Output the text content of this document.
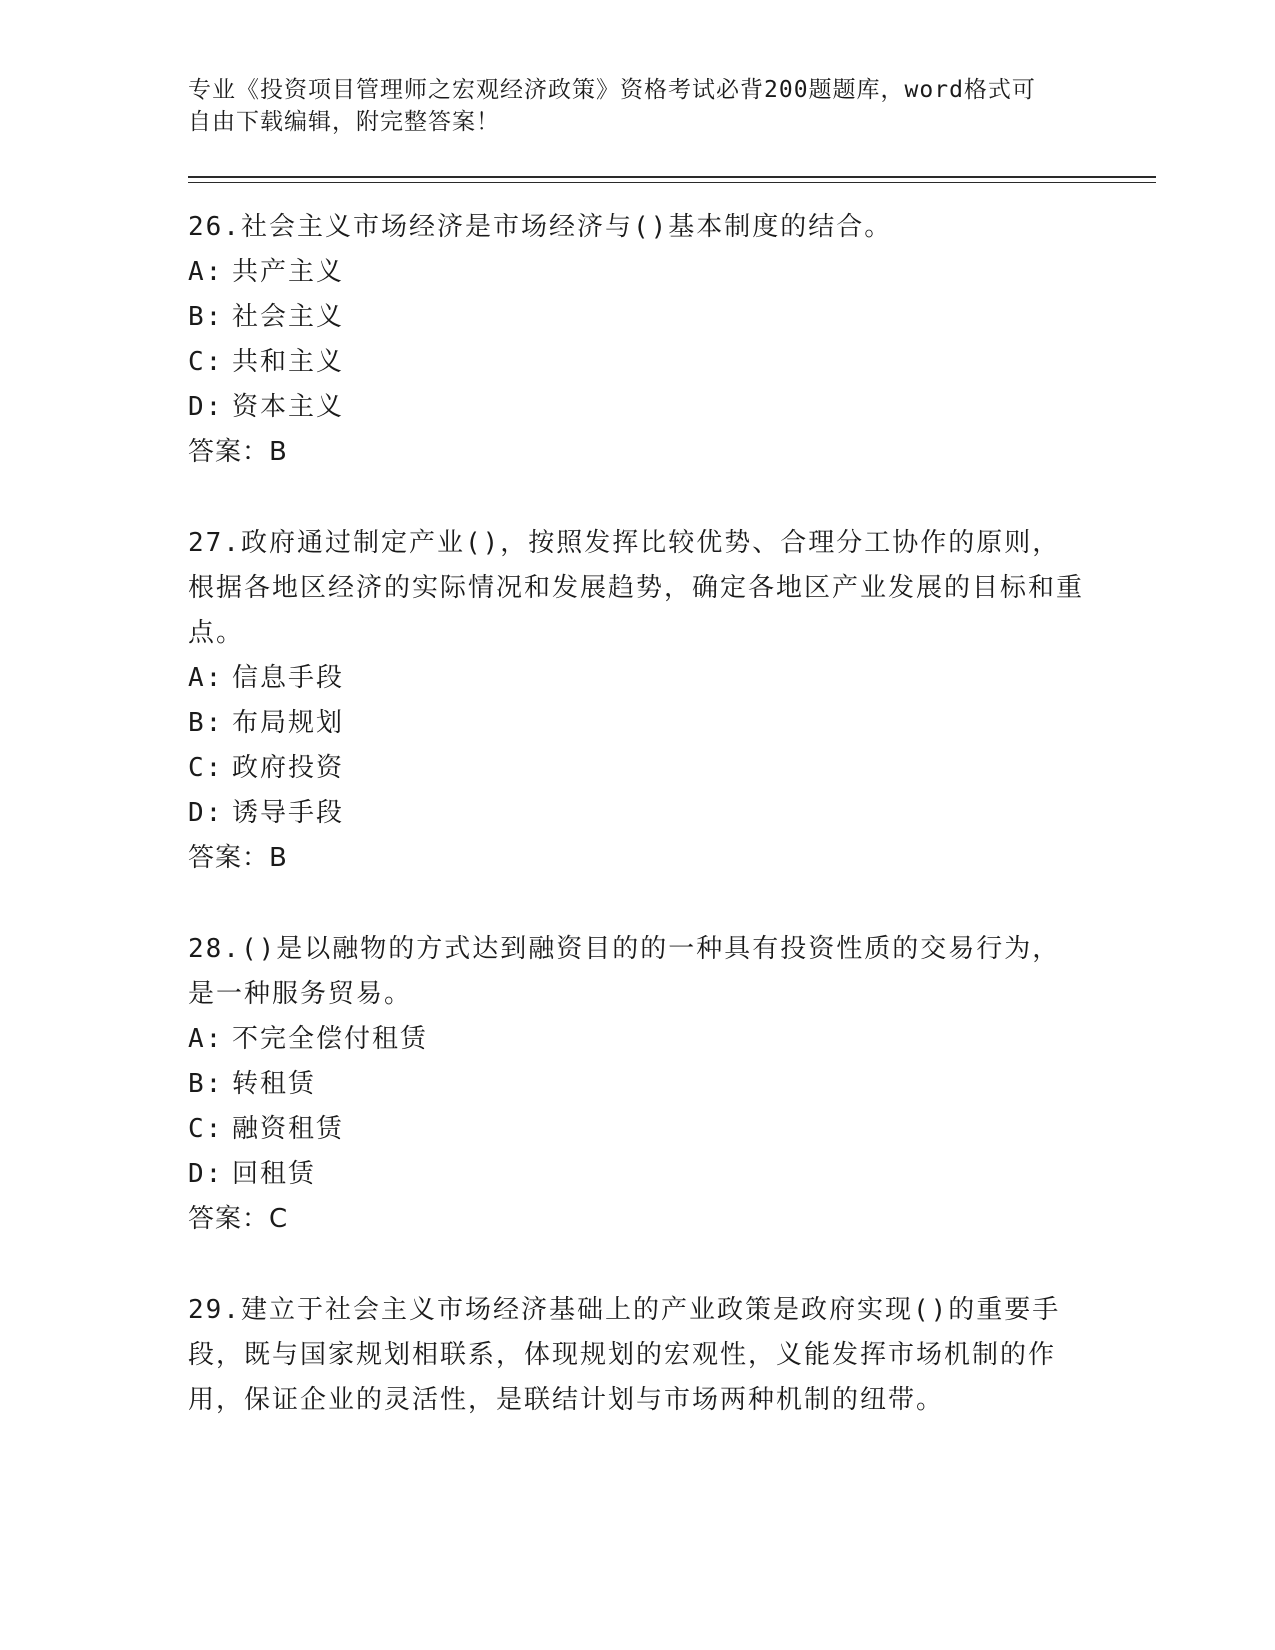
专业《投资项目管理师之宏观经济政策》资格考试必背200题题库，word格式可
自由下载编辑，附完整答案！

26.社会主义市场经济是市场经济与()基本制度的结合。

A: 共产主义
B: 社会主义
C: 共和主义
D: 资本主义
答案：B

27.政府通过制定产业()，按照发挥比较优势、合理分工协作的原则，根据各地区经济的实际情况和发展趋势，确定各地区产业发展的目标和重点。

A: 信息手段
B: 布局规划
C: 政府投资
D: 诱导手段
答案：B

28.()是以融物的方式达到融资目的的一种具有投资性质的交易行为，是一种服务贸易。

A: 不完全偿付租赁
B: 转租赁
C: 融资租赁
D: 回租赁
答案：C

29.建立于社会主义市场经济基础上的产业政策是政府实现()的重要手段，既与国家规划相联系，体现规划的宏观性，义能发挥市场机制的作用，保证企业的灵活性，是联结计划与市场两种机制的纽带。
